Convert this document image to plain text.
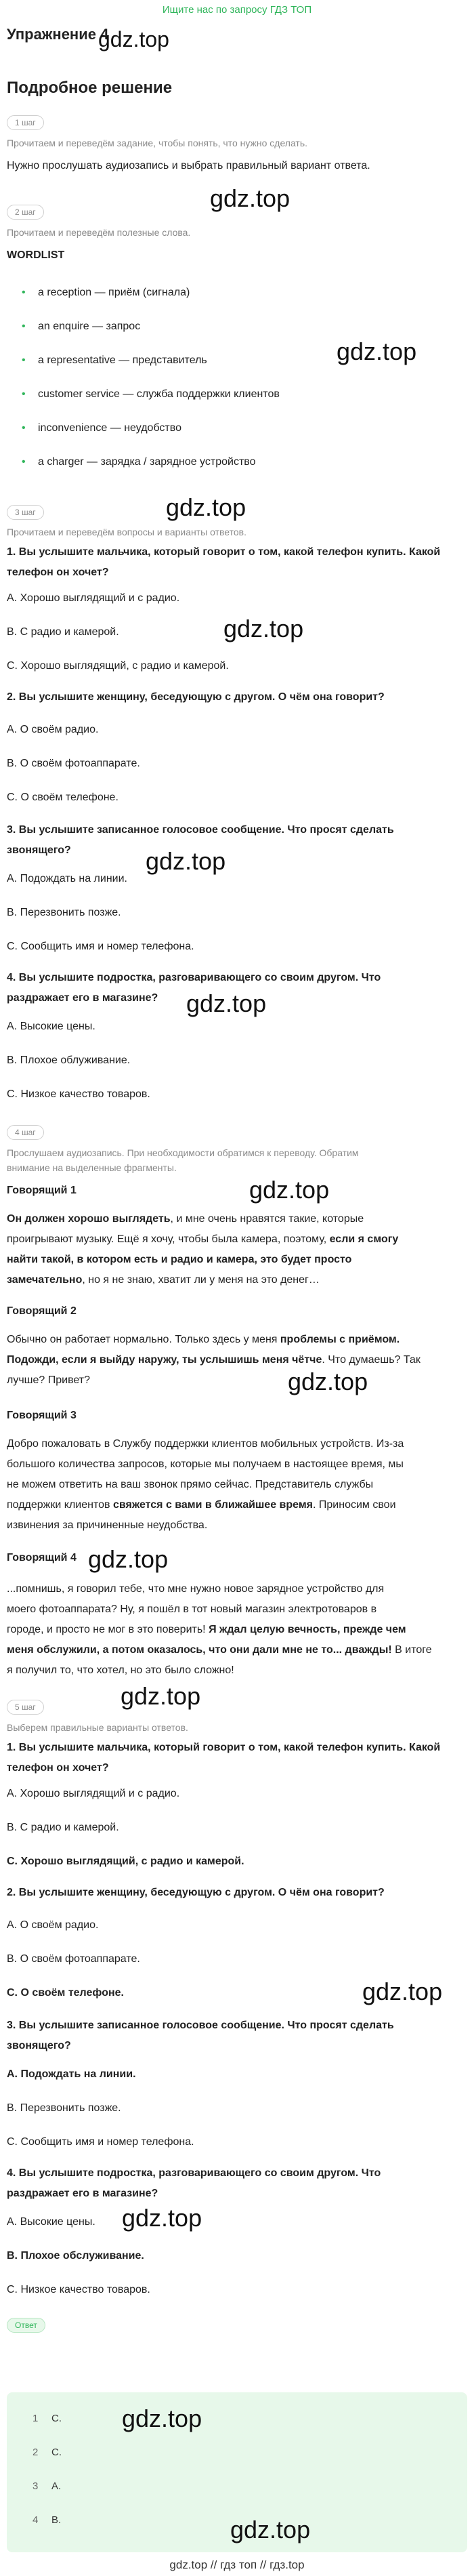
Ищите нас по запросу ГДЗ ТОП
Упражнение 4
gdz.top
Подробное решение
1 шаг
Прочитаем и переведём задание, чтобы понять, что нужно сделать.
Нужно прослушать аудиозапись и выбрать правильный вариант ответа.
gdz.top
2 шаг
Прочитаем и переведём полезные слова.
WORDLIST
• a reception — приём (сигнала)
• an enquire — запрос
• a representative — представитель	gdz.top
• customer service — служба поддержки клиентов
• inconvenience — неудобство
• a charger — зарядка / зарядное устройство
gdz.top
3 шаг
Прочитаем и переведём вопросы и варианты ответов.
1. Вы услышите мальчика, который говорит о том, какой телефон купить. Какой
телефон он хочет?
A. Хорошо выглядящий и с радио.
gdz.top
B. С радио и камерой.
C. Хорошо выглядящий, с радио и камерой.
2. Вы услышите женщину, беседующую с другом. О чём она говорит?
A. О своём радио.
B. О своём фотоаппарате.
C. О своём телефоне.
3. Вы услышите записанное голосовое сообщение. Что просят сделать
звонящего?	gdz.top
A. Подождать на линии.
B. Перезвонить позже.
C. Сообщить имя и номер телефона.
4. Вы услышите подростка, разговаривающего со своим другом. Что
gdz.top
раздражает его в магазине?
A. Высокие цены.
B. Плохое облуживание.
C. Низкое качество товаров.
4 шаг
Прослушаем аудиозапись. При необходимости обратимся к переводу. Обратим
внимание на выделенные фрагменты.
gdz.top
Говорящий 1
Он должен хорошо выглядеть, и мне очень нравятся такие, которые
проигрывают музыку. Ещё я хочу, чтобы была камера, поэтому, если я смогу
найти такой, в котором есть и радио и камера, это будет просто
замечательно, но я не знаю, хватит ли у меня на это денег…
Говорящий 2
Обычно он работает нормально. Только здесь у меня проблемы с приёмом.
Подожди, если я выйду наружу, ты услышишь меня чётче. Что думаешь? Так
лучше? Привет?	gdz.top
Говорящий 3
Добро пожаловать в Службу поддержки клиентов мобильных устройств. Из-за
большого количества запросов, которые мы получаем в настоящее время, мы
не можем ответить на ваш звонок прямо сейчас. Представитель службы
поддержки клиентов свяжется с вами в ближайшее время. Приносим свои
извинения за причиненные неудобства.
Говорящий 4 gdz.top
...помнишь, я говорил тебе, что мне нужно новое зарядное устройство для
моего фотоаппарата? Ну, я пошёл в тот новый магазин электротоваров в
городе, и просто не мог в это поверить! Я ждал целую вечность, прежде чем
меня обслужили, а потом оказалось, что они дали мне не то... дважды! В итоге
я получил то, что хотел, но это было сложно!
gdz.top
5 шаг
Выберем правильные варианты ответов.
1. Вы услышите мальчика, который говорит о том, какой телефон купить. Какой
телефон он хочет?
A. Хорошо выглядящий и с радио.
B. С радио и камерой.
C. Хорошо выглядящий, с радио и камерой.
2. Вы услышите женщину, беседующую с другом. О чём она говорит?
A. О своём радио.
B. О своём фотоаппарате.
C. О своём телефоне.	gdz.top
3. Вы услышите записанное голосовое сообщение. Что просят сделать
звонящего?
A. Подождать на линии.
B. Перезвонить позже.
C. Сообщить имя и номер телефона.
4. Вы услышите подростка, разговаривающего со своим другом. Что
раздражает его в магазине?
gdz.top
A. Высокие цены.
B. Плохое обслуживание.
C. Низкое качество товаров.
Ответ
gdz.top
1 C.
2 C.
3 A.
4 B.	gdz.top
gdz.top // гдз топ // гдз.top
